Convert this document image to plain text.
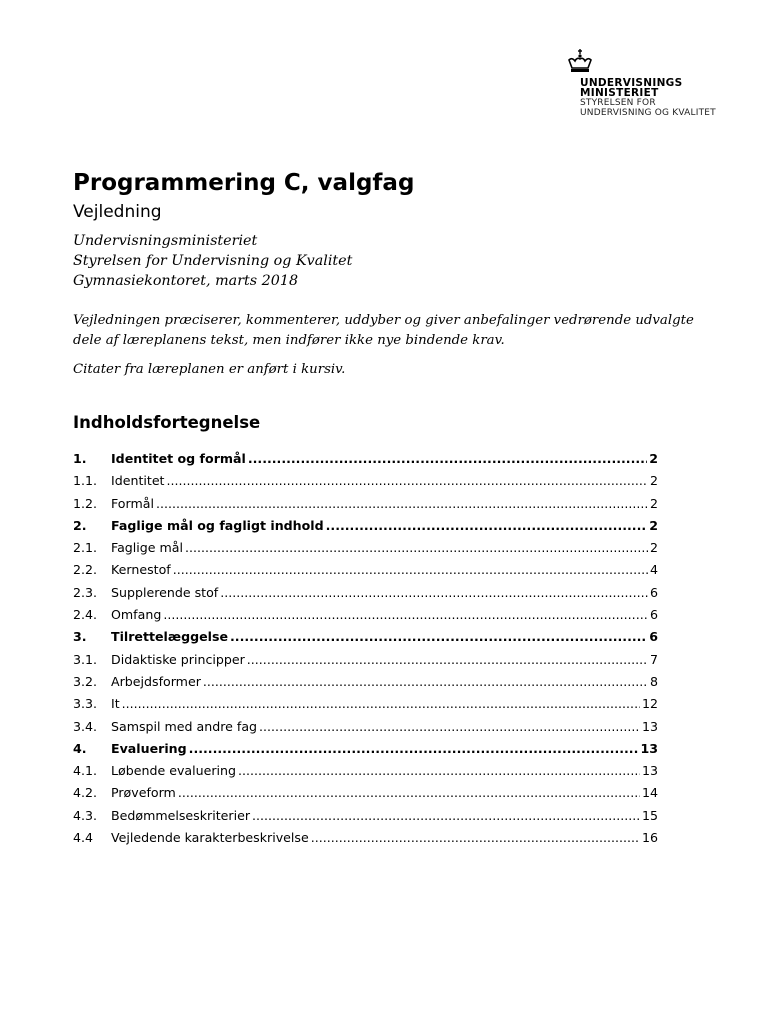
UNDERVISNINGS
MINISTERIET
STYRELSEN FOR
UNDERVISNING OG KVALITET
Programmering C, valgfag
Vejledning
Undervisningsministeriet
Styrelsen for Undervisning og Kvalitet
Gymnasiekontoret, marts 2018

Vejledningen præciserer, kommenterer, uddyber og giver anbefalinger vedrørende udvalgte dele af læreplanens tekst, men indfører ikke nye bindende krav.

Citater fra læreplanen er anført i kursiv.

Indholdsfortegnelse
1.	Identitet og formål .....	2
1.1.	Identitet .....	2
1.2.	Formål .....	2
2.	Faglige mål og fagligt indhold .....	2
2.1.	Faglige mål .....	2
2.2.	Kernestof .....	4
2.3.	Supplerende stof .....	6
2.4.	Omfang .....	6
3.	Tilrettelæggelse .....	6
3.1.	Didaktiske principper .....	7
3.2.	Arbejdsformer .....	8
3.3.	It .....	12
3.4.	Samspil med andre fag .....	13
4.	Evaluering .....	13
4.1.	Løbende evaluering .....	13
4.2.	Prøveform .....	14
4.3.	Bedømmelseskriterier .....	15
4.4	Vejledende karakterbeskrivelse .....	16
